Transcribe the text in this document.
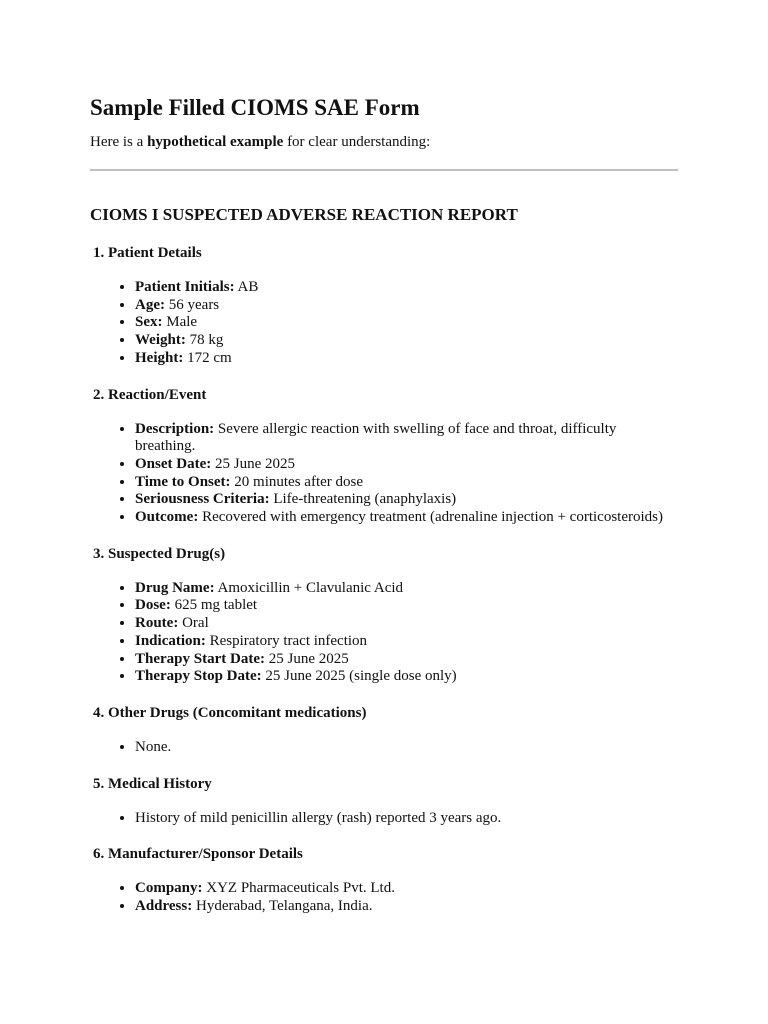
Sample Filled CIOMS SAE Form

Here is a hypothetical example for clear understanding:

CIOMS I SUSPECTED ADVERSE REACTION REPORT

1. Patient Details

• Patient Initials: AB
• Age: 56 years
• Sex: Male
• Weight: 78 kg
• Height: 172 cm

2. Reaction/Event

• Description: Severe allergic reaction with swelling of face and throat, difficulty breathing.
• Onset Date: 25 June 2025
• Time to Onset: 20 minutes after dose
• Seriousness Criteria: Life-threatening (anaphylaxis)
• Outcome: Recovered with emergency treatment (adrenaline injection + corticosteroids)

3. Suspected Drug(s)

• Drug Name: Amoxicillin + Clavulanic Acid
• Dose: 625 mg tablet
• Route: Oral
• Indication: Respiratory tract infection
• Therapy Start Date: 25 June 2025
• Therapy Stop Date: 25 June 2025 (single dose only)

4. Other Drugs (Concomitant medications)

• None.

5. Medical History

• History of mild penicillin allergy (rash) reported 3 years ago.

6. Manufacturer/Sponsor Details

• Company: XYZ Pharmaceuticals Pvt. Ltd.
• Address: Hyderabad, Telangana, India.
